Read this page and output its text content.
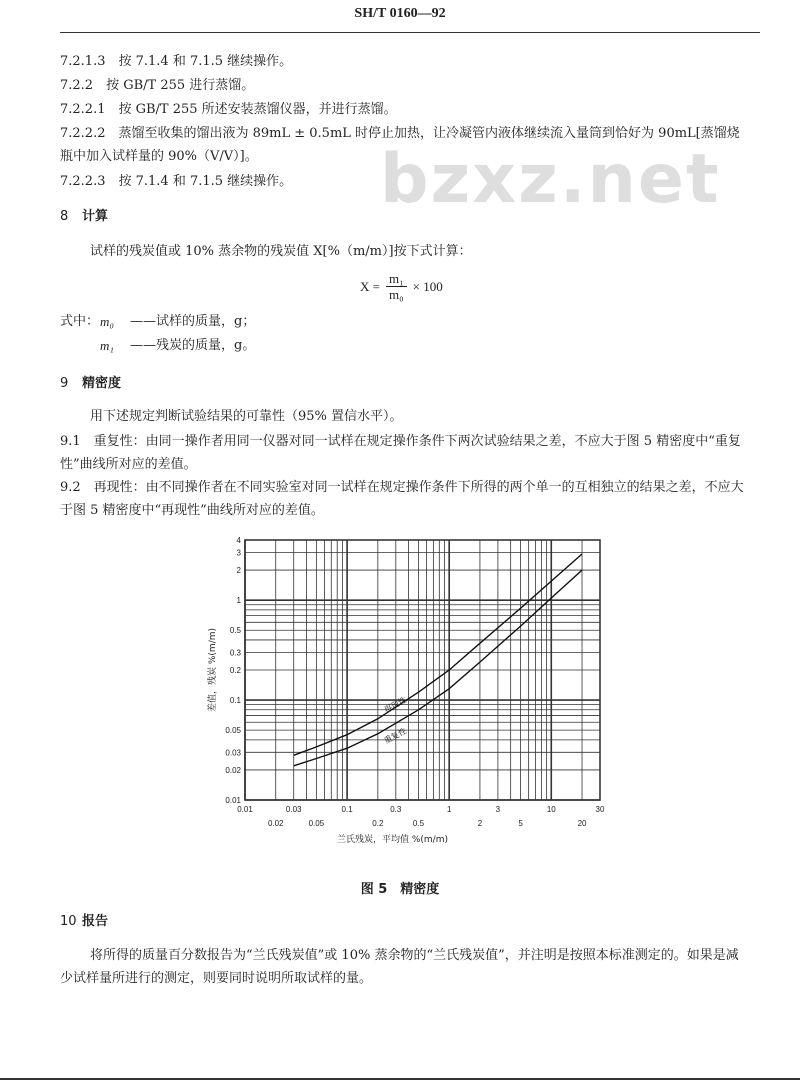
SH/T 0160—92
bzxz.net
7.2.1.3　按 7.1.4 和 7.1.5 继续操作。
7.2.2　按 GB/T 255 进行蒸馏。
7.2.2.1　按 GB/T 255 所述安装蒸馏仪器，并进行蒸馏。
7.2.2.2　蒸馏至收集的馏出液为 89mL ± 0.5mL 时停止加热，让冷凝管内液体继续流入量筒到恰好为 90mL[蒸馏烧瓶中加入试样量的 90%（V/V）]。
7.2.2.3　按 7.1.4 和 7.1.5 继续操作。
8 计算
试样的残炭值或 10% 蒸余物的残炭值 X[%（m/m）]按下式计算：
$X = \frac{\text{m₁}}{\text{m₀}} \times 100$
式中： m₀	——试样的质量，g；
m₁	——残炭的质量，g。
9 精密度
用下述规定判断试验结果的可靠性（95% 置信水平）。
9.1　重复性：由同一操作者用同一仪器对同一试样在规定操作条件下两次试验结果之差，不应大于图 5 精密度中“重复性”曲线所对应的差值。
9.2　再现性：由不同操作者在不同实验室对同一试样在规定操作条件下所得的两个单一的互相独立的结果之差，不应大于图 5 精密度中“再现性”曲线所对应的差值。
0.01
0.02
0.03
0.05
0.1
0.2
0.3
0.5
1
2
3
4
0.01	0.03	0.1	0.3	1	3	10	30
0.02	0.05	0.2	0.5	2	5	20
兰氏残炭，平均值 %(m/m)
差值，残炭 %(m/m)	再现性
重复性
图 5　精密度
10 报告
将所得的质量百分数报告为“兰氏残炭值”或 10% 蒸余物的“兰氏残炭值”，并注明是按照本标准测定的。如果是减少试样量所进行的测定，则要同时说明所取试样的量。
